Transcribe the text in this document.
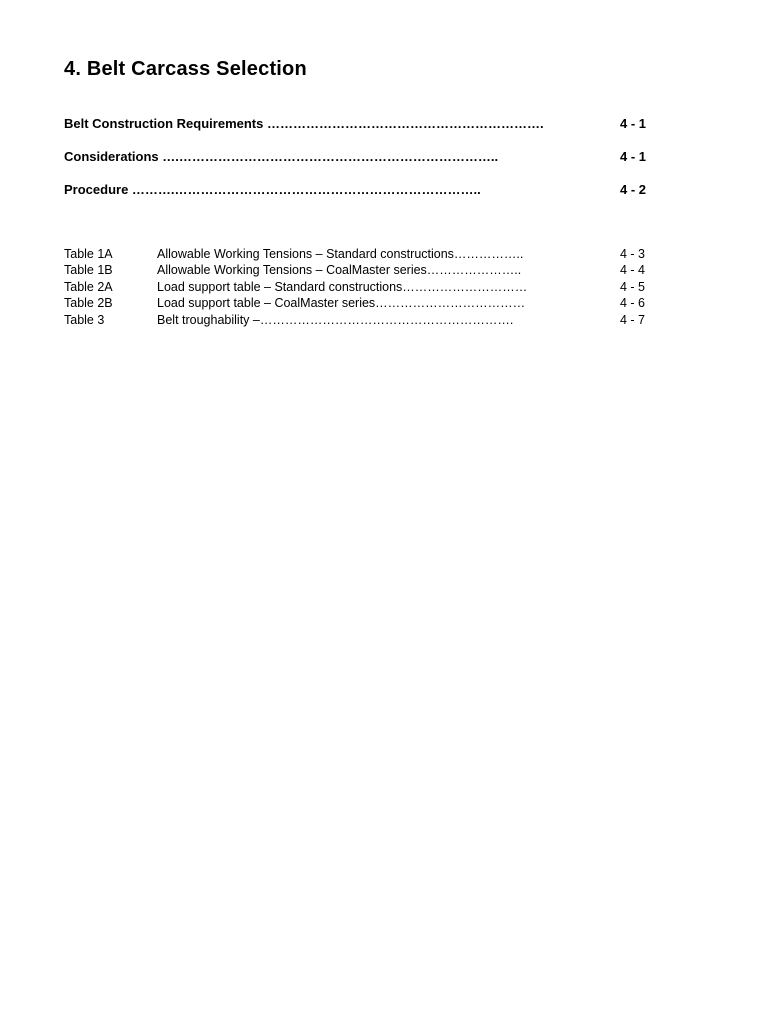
4. Belt Carcass Selection
Belt Construction Requirements ……………………………………………………….	4 - 1
Considerations ….………………………………………………………………..	4 - 1
Procedure ……….……………………………………………………………..	4 - 2
Table 1A	Allowable Working Tensions – Standard constructions……………..	4 - 3
Table 1B	Allowable Working Tensions – CoalMaster series…………………..	4 - 4
Table 2A	Load support table – Standard constructions…………………………	4 - 5
Table 2B	Load support table – CoalMaster series………………………………	4 - 6
Table 3	Belt troughability –…………………………………………………….	4 - 7
